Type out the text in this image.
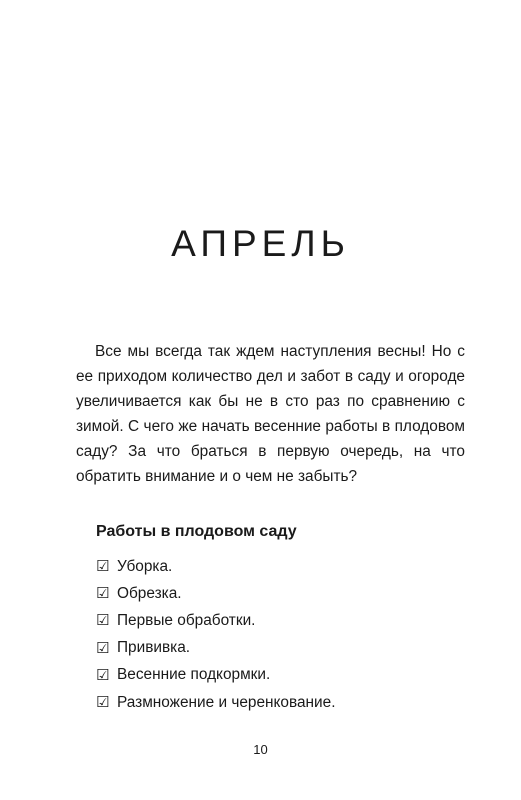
АПРЕЛЬ

Все мы всегда так ждем наступления весны! Но с ее приходом количество дел и забот в саду и огороде увеличивается как бы не в сто раз по сравнению с зимой. С чего же начать весенние работы в плодовом саду? За что браться в первую очередь, на что обратить внимание и о чем не забыть?

Работы в плодовом саду
☑ Уборка.
☑ Обрезка.
☑ Первые обработки.
☑ Прививка.
☑ Весенние подкормки.
☑ Размножение и черенкование.

10
